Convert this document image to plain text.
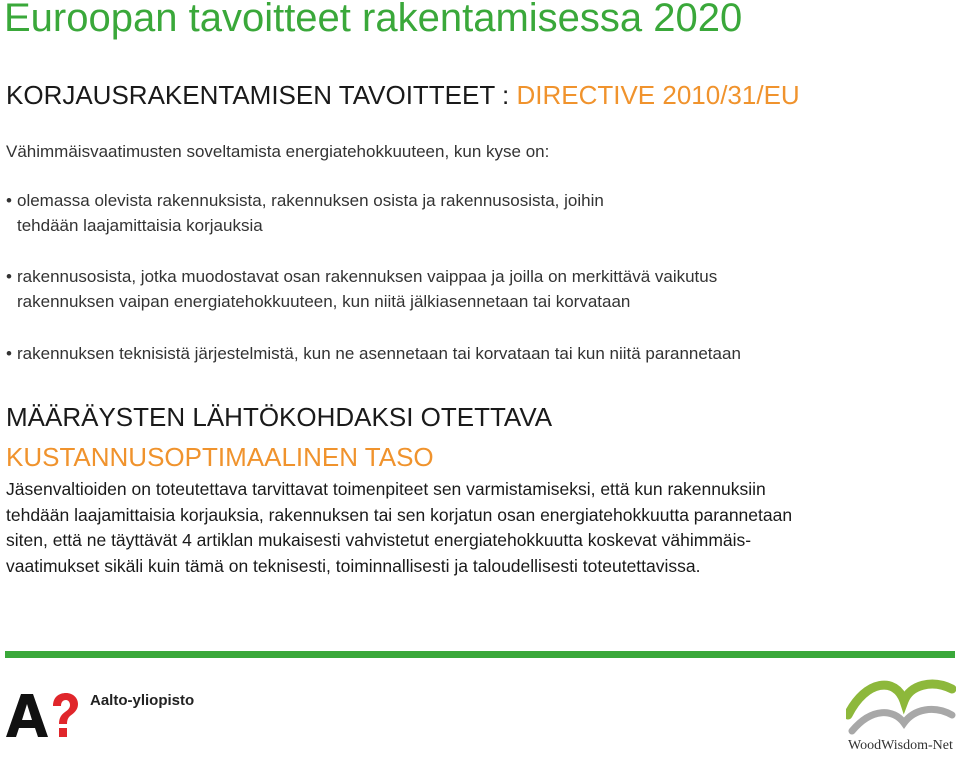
Euroopan tavoitteet rakentamisessa 2020
KORJAUSRAKENTAMISEN TAVOITTEET : DIRECTIVE 2010/31/EU

Vähimmäisvaatimusten soveltamista energiatehokkuuteen, kun kyse on:

• olemassa olevista rakennuksista, rakennuksen osista ja rakennusosista, joihin
tehdään laajamittaisia korjauksia
• rakennusosista, jotka muodostavat osan rakennuksen vaippaa ja joilla on merkittävä vaikutus
rakennuksen vaipan energiatehokkuuteen, kun niitä jälkiasennetaan tai korvataan
• rakennuksen teknisistä järjestelmistä, kun ne asennetaan tai korvataan tai kun niitä parannetaan
MÄÄRÄYSTEN LÄHTÖKOHDAKSI OTETTAVA
KUSTANNUSOPTIMAALINEN TASO

Jäsenvaltioiden on toteutettava tarvittavat toimenpiteet sen varmistamiseksi, että kun rakennuksiin
tehdään laajamittaisia korjauksia, rakennuksen tai sen korjatun osan energiatehokkuutta parannetaan
siten, että ne täyttävät 4 artiklan mukaisesti vahvistetut energiatehokkuutta koskevat vähimmäis-
vaatimukset sikäli kuin tämä on teknisesti, toiminnallisesti ja taloudellisesti toteutettavissa.

Aalto-yliopisto
WoodWisdom-Net
